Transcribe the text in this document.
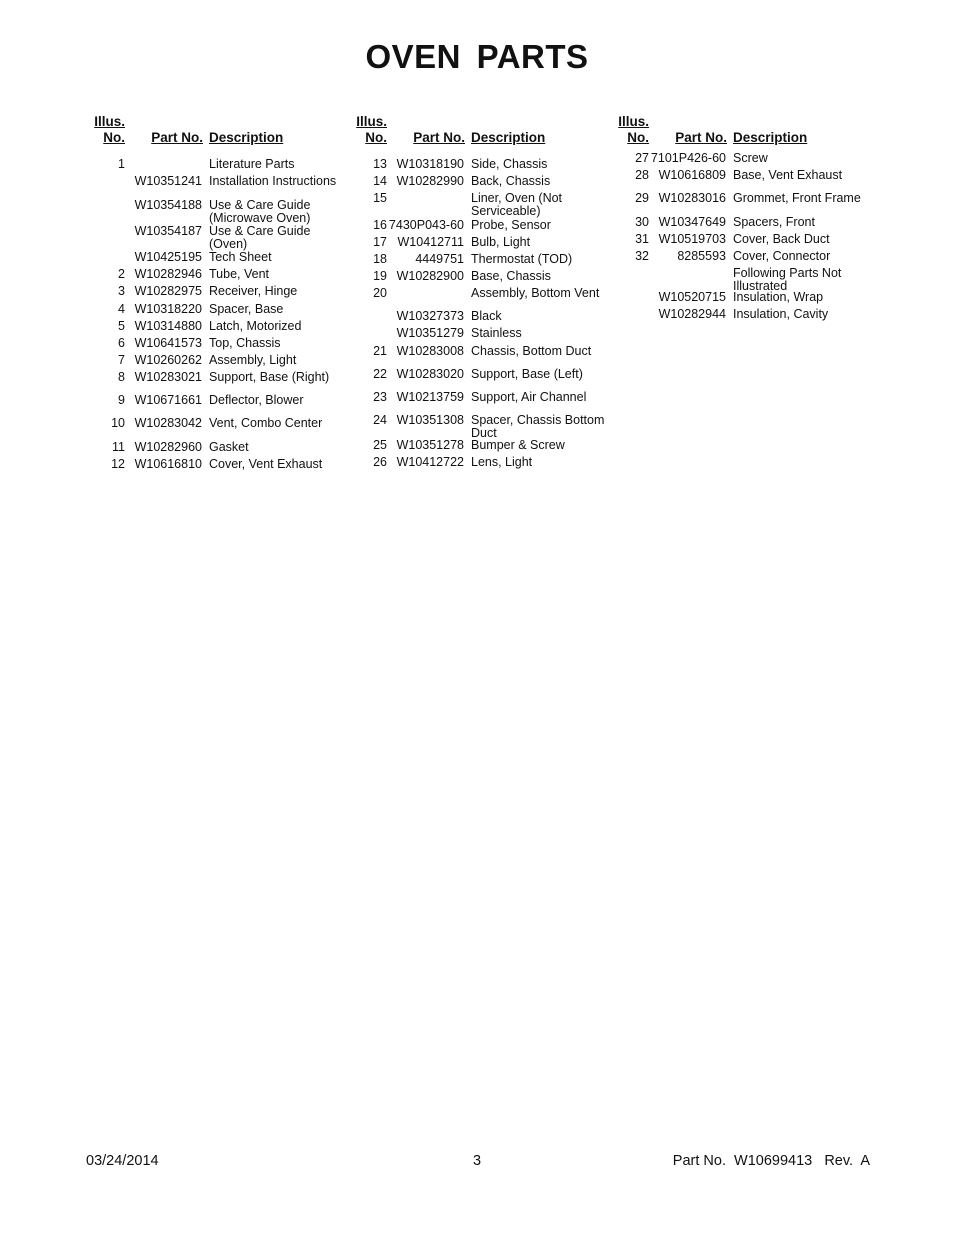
OVEN PARTS
Illus.
No.	Part No. Description
1	Literature Parts
W10351241 Installation Instructions
W10354188 Use & Care Guide (Microwave Oven)
W10354187 Use & Care Guide (Oven)
W10425195 Tech Sheet
2 W10282946 Tube, Vent
3 W10282975 Receiver, Hinge
4 W10318220 Spacer, Base
5 W10314880 Latch, Motorized
6 W10641573 Top, Chassis
7 W10260262 Assembly, Light
8 W10283021 Support, Base (Right)
9 W10671661 Deflector, Blower
10 W10283042 Vent, Combo Center
11 W10282960 Gasket
12 W10616810 Cover, Vent Exhaust
Illus.
No.	Part No. Description
13 W10318190 Side, Chassis
14 W10282990 Back, Chassis
15	Liner, Oven (Not Serviceable)
16 7430P043-60 Probe, Sensor
17 W10412711 Bulb, Light
18	4449751 Thermostat (TOD)
19 W10282900 Base, Chassis
20	Assembly, Bottom Vent
W10327373 Black
W10351279 Stainless
21 W10283008 Chassis, Bottom Duct
22 W10283020 Support, Base (Left)
23 W10213759 Support, Air Channel
24 W10351308 Spacer, Chassis Bottom Duct
25 W10351278 Bumper & Screw
26 W10412722 Lens, Light
Illus.
No.	Part No. Description
27 7101P426-60 Screw
28 W10616809 Base, Vent Exhaust
29 W10283016 Grommet, Front Frame
30 W10347649 Spacers, Front
31 W10519703 Cover, Back Duct
32	8285593 Cover, Connector
Following Parts Not Illustrated
W10520715 Insulation, Wrap
W10282944 Insulation, Cavity
03/24/2014	3	Part No.  W10699413   Rev.  A
